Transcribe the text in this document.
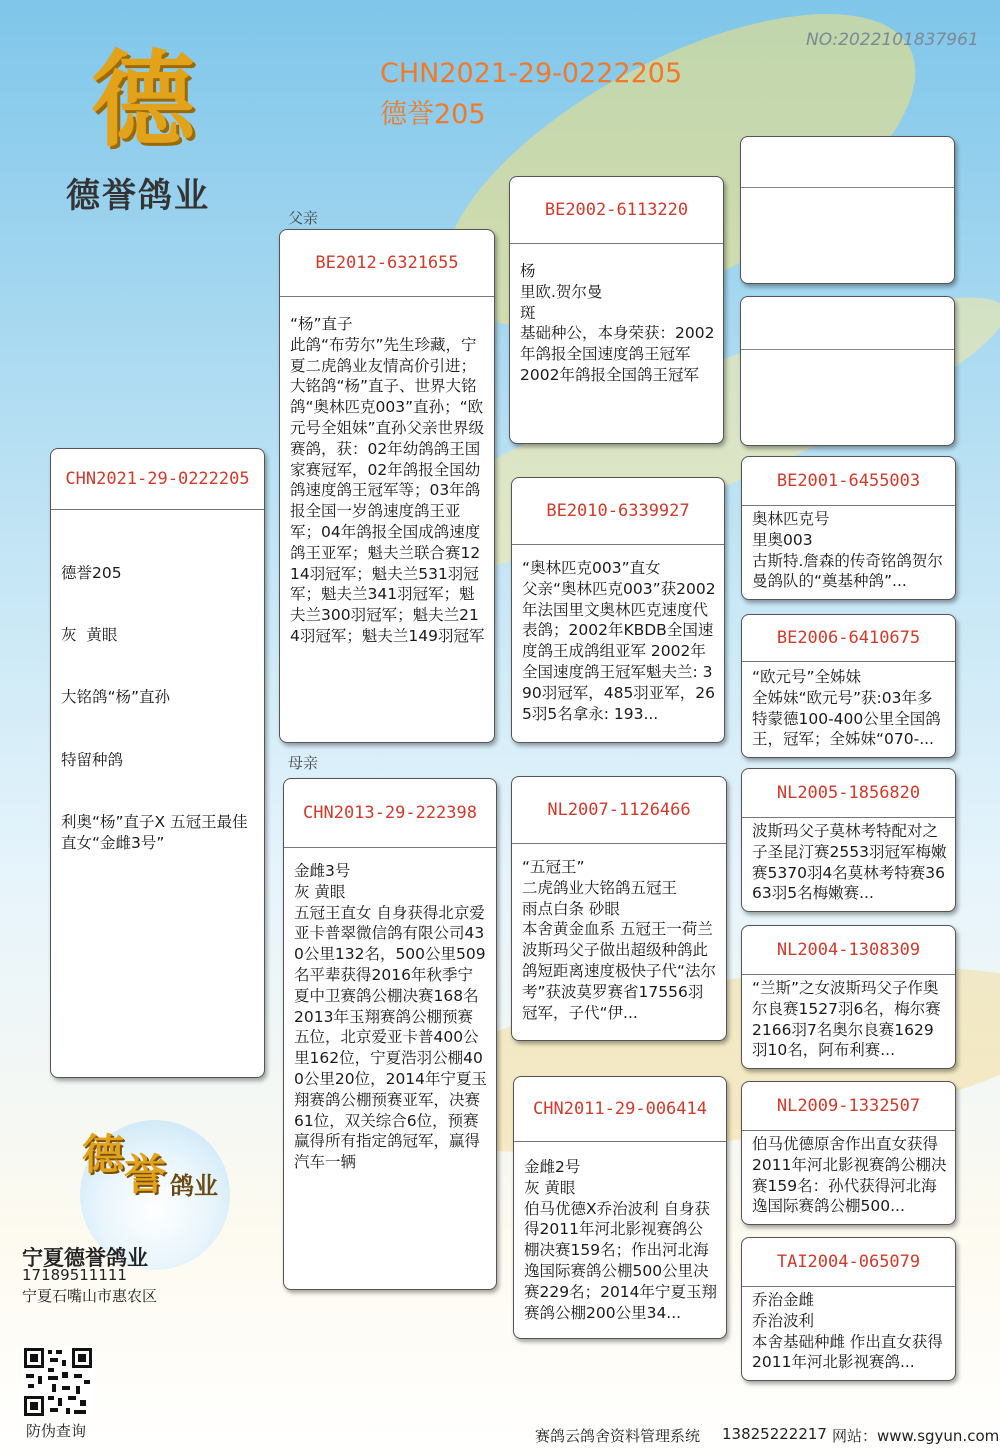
NO:2022101837961
德
德誉鸽业
CHN2021-29-0222205
德誉205
父亲
母亲
CHN2021-29-0222205

德誉205

灰  黄眼

大铭鸽“杨”直孙

特留种鸽

利奥“杨”直子X 五冠王最佳直女“金雌3号”

BE2012-6321655
“杨”直子
此鸽“布劳尔”先生珍藏，宁夏二虎鸽业友情高价引进；大铭鸽“杨”直子、世界大铭鸽“奥林匹克003”直孙；“欧元号全姐妹”直孙父亲世界级赛鸽，获：02年幼鸽鸽王国家赛冠军，02年鸽报全国幼鸽速度鸽王冠军等；03年鸽报全国一岁鸽速度鸽王亚军；04年鸽报全国成鸽速度鸽王亚军；魁夫兰联合赛1214羽冠军；魁夫兰531羽冠军；魁夫兰341羽冠军；魁夫兰300羽冠军；魁夫兰214羽冠军；魁夫兰149羽冠军
CHN2013-29-222398
金雌3号
灰 黄眼
五冠王直女 自身获得北京爱亚卡普翠微信鸽有限公司430公里132名，500公里509名平辈获得2016年秋季宁夏中卫赛鸽公棚决赛168名2013年玉翔赛鸽公棚预赛五位，北京爱亚卡普400公里162位，宁夏浩羽公棚400公里20位，2014年宁夏玉翔赛鸽公棚预赛亚军，决赛61位，双关综合6位，预赛赢得所有指定鸽冠军，赢得汽车一辆
BE2002-6113220
杨
里欧.贺尔曼
斑
基础种公，本身荣获：2002年鸽报全国速度鸽王冠军
2002年鸽报全国鸽王冠军
BE2010-6339927
“奥林匹克003”直女
父亲“奥林匹克003”获2002年法国里文奥林匹克速度代表鸽；2002年KBDB全国速度鸽王成鸽组亚军 2002年全国速度鸽王冠军魁夫兰: 390羽冠军，485羽亚军，265羽5名拿永: 193...
NL2007-1126466
“五冠王”
二虎鸽业大铭鸽五冠王
雨点白条 砂眼
本舍黄金血系 五冠王一荷兰波斯玛父子做出超级种鸽此鸽短距离速度极快子代“法尔考”获波莫罗赛省17556羽冠军，子代“伊...
CHN2011-29-006414
金雌2号
灰 黄眼
伯马优德X乔治波利 自身获得2011年河北影视赛鸽公棚决赛159名；作出河北海逸国际赛鸽公棚500公里决赛229名；2014年宁夏玉翔赛鸽公棚200公里34...
BE2001-6455003
奥林匹克号
里奥003
古斯特.詹森的传奇铭鸽贺尔曼鸽队的“奠基种鸽”...
BE2006-6410675
“欧元号”全姊妹
全姊妹“欧元号”获:03年多特蒙德100-400公里全国鸽王，冠军；全姊妹“070-...
NL2005-1856820
波斯玛父子莫林考特配对之子圣昆汀赛2553羽冠军梅嫩赛5370羽4名莫林考特赛3663羽5名梅嫩赛...
NL2004-1308309
“兰斯”之女波斯玛父子作奥尔良赛1527羽6名，梅尔赛2166羽7名奥尔良赛1629羽10名，阿布利赛...
NL2009-1332507
伯马优德原舍作出直女获得2011年河北影视赛鸽公棚决赛159名：孙代获得河北海逸国际赛鸽公棚500...
TAI2004-065079
乔治金雌
乔治波利
本舍基础种雌 作出直女获得2011年河北影视赛鸽...
德 誉 鸽 业
宁夏德誉鸽业
17189511111
宁夏石嘴山市惠农区
防伪查询	赛鸽云鸽舍资料管理系统 13825222217 网站：www.sgyun.com
